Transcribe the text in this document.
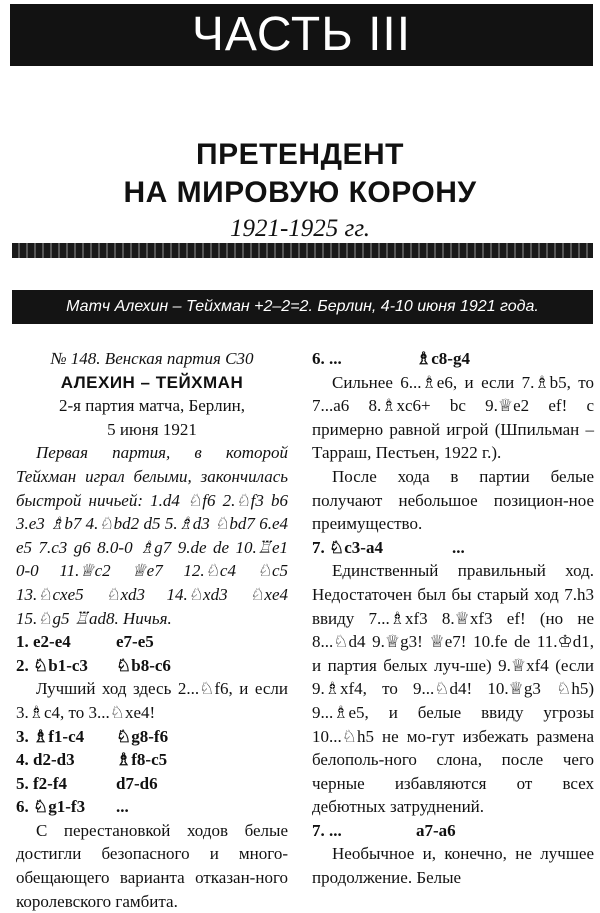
ЧАСТЬ III
ПРЕТЕНДЕНТ
НА МИРОВУЮ КОРОНУ
1921-1925 гг.
Матч Алехин – Тейхман +2–2=2. Берлин, 4-10 июня 1921 года.

№ 148. Венская партия С30

АЛЕХИН – ТЕЙХМАН

2-я партия матча, Берлин,

5 июня 1921

Первая партия, в которой Тейхман играл белыми, закончилась быстрой ничьей: 1.d4 ♘f6 2.♘f3 b6 3.e3 ♗b7 4.♘bd2 d5 5.♗d3 ♘bd7 6.e4 e5 7.c3 g6 8.0-0 ♗g7 9.de de 10.♖e1 0-0 11.♕c2 ♕e7 12.♘c4 ♘c5 13.♘cxe5 ♘xd3 14.♘xd3 ♘xe4 15.♘g5 ♖ad8. Ничья.

1. e2-e4	e7-e5
2. ♘b1-c3	♘b8-c6

Лучший ход здесь 2...♘f6, и если 3.♗c4, то 3...♘xe4!

3. ♗f1-c4	♘g8-f6
4. d2-d3	♗f8-c5
5. f2-f4	d7-d6
6. ♘g1-f3	...

С перестановкой ходов белые достигли безопасного и много-обещающего варианта отказан-ного королевского гамбита.

6. ...	♗c8-g4

Сильнее 6...♗e6, и если 7.♗b5, то 7...a6 8.♗xc6+ bc 9.♕e2 ef! с примерно равной игрой (Шпильман – Тарраш, Пестьен, 1922 г.).

После хода в партии белые получают небольшое позицион-ное преимущество.

7. ♘c3-a4	...

Единственный правильный ход. Недостаточен был бы старый ход 7.h3 ввиду 7...♗xf3 8.♕xf3 ef! (но не 8...♘d4 9.♕g3! ♕e7! 10.fe de 11.♔d1, и партия белых луч-ше) 9.♕xf4 (если 9.♗xf4, то 9...♘d4! 10.♕g3 ♘h5) 9...♗e5, и белые ввиду угрозы 10...♘h5 не мо-гут избежать размена белополь-ного слона, после чего черные избавляются от всех дебютных затруднений.

7. ...	a7-a6

Необычное и, конечно, не лучшее продолжение. Белые
